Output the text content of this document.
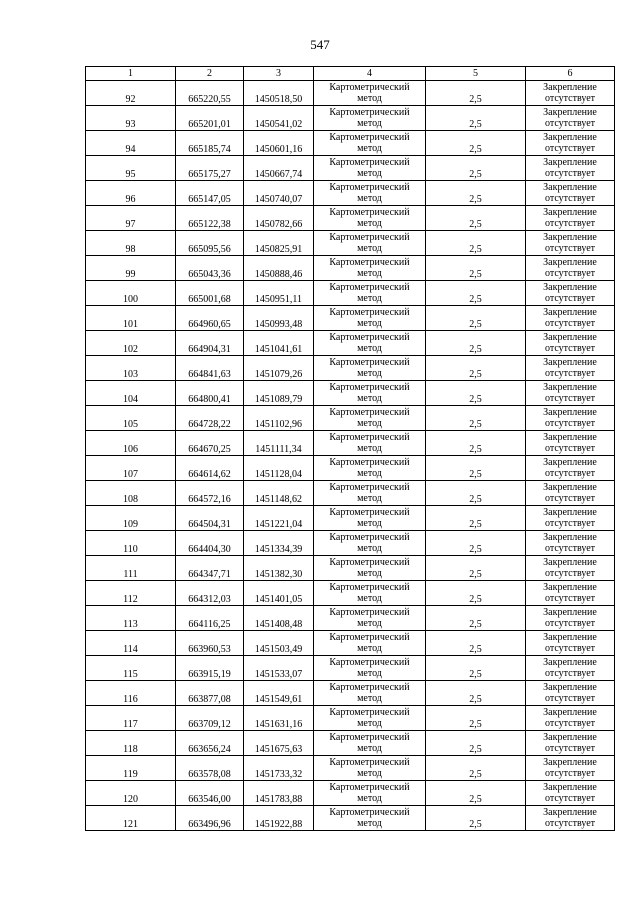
547
1	2	3	4	5	6
92	665220,55	1450518,50	Картометрический метод	2,5	Закрепление отсутствует
93	665201,01	1450541,02	Картометрический метод	2,5	Закрепление отсутствует
94	665185,74	1450601,16	Картометрический метод	2,5	Закрепление отсутствует
95	665175,27	1450667,74	Картометрический метод	2,5	Закрепление отсутствует
96	665147,05	1450740,07	Картометрический метод	2,5	Закрепление отсутствует
97	665122,38	1450782,66	Картометрический метод	2,5	Закрепление отсутствует
98	665095,56	1450825,91	Картометрический метод	2,5	Закрепление отсутствует
99	665043,36	1450888,46	Картометрический метод	2,5	Закрепление отсутствует
100	665001,68	1450951,11	Картометрический метод	2,5	Закрепление отсутствует
101	664960,65	1450993,48	Картометрический метод	2,5	Закрепление отсутствует
102	664904,31	1451041,61	Картометрический метод	2,5	Закрепление отсутствует
103	664841,63	1451079,26	Картометрический метод	2,5	Закрепление отсутствует
104	664800,41	1451089,79	Картометрический метод	2,5	Закрепление отсутствует
105	664728,22	1451102,96	Картометрический метод	2,5	Закрепление отсутствует
106	664670,25	1451111,34	Картометрический метод	2,5	Закрепление отсутствует
107	664614,62	1451128,04	Картометрический метод	2,5	Закрепление отсутствует
108	664572,16	1451148,62	Картометрический метод	2,5	Закрепление отсутствует
109	664504,31	1451221,04	Картометрический метод	2,5	Закрепление отсутствует
110	664404,30	1451334,39	Картометрический метод	2,5	Закрепление отсутствует
111	664347,71	1451382,30	Картометрический метод	2,5	Закрепление отсутствует
112	664312,03	1451401,05	Картометрический метод	2,5	Закрепление отсутствует
113	664116,25	1451408,48	Картометрический метод	2,5	Закрепление отсутствует
114	663960,53	1451503,49	Картометрический метод	2,5	Закрепление отсутствует
115	663915,19	1451533,07	Картометрический метод	2,5	Закрепление отсутствует
116	663877,08	1451549,61	Картометрический метод	2,5	Закрепление отсутствует
117	663709,12	1451631,16	Картометрический метод	2,5	Закрепление отсутствует
118	663656,24	1451675,63	Картометрический метод	2,5	Закрепление отсутствует
119	663578,08	1451733,32	Картометрический метод	2,5	Закрепление отсутствует
120	663546,00	1451783,88	Картометрический метод	2,5	Закрепление отсутствует
121	663496,96	1451922,88	Картометрический метод	2,5	Закрепление отсутствует
